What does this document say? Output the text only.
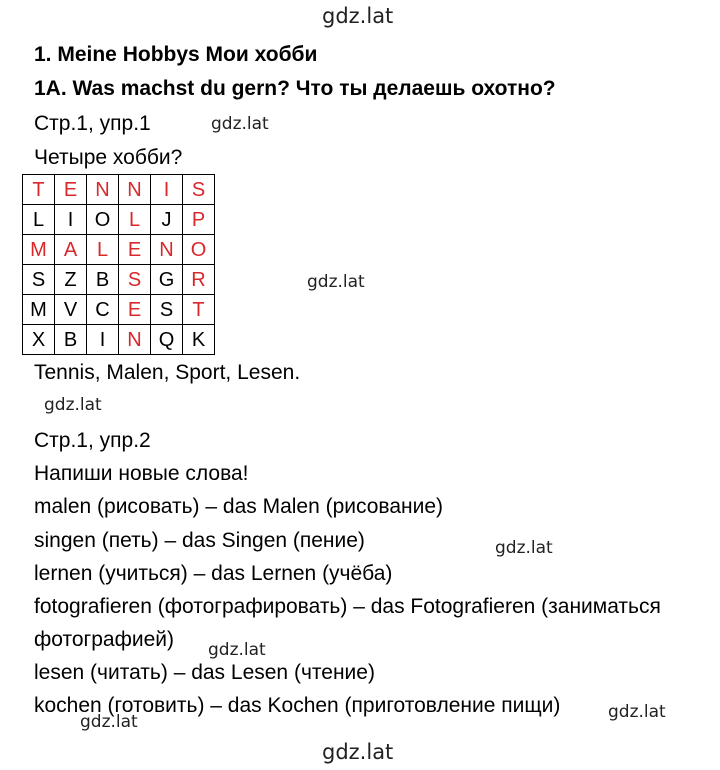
gdz.lat
1. Meine Hobbys Мои хобби
1А. Was machst du gern? Что ты делаешь охотно?
Стр.1, упр.1	gdz.lat
Четыре хобби?
T	E	N	N	I	S
L	I	O	L	J	P
M	A	L	E	N	O
S	Z	B	S	G	R
M	V	C	E	S	T
X	B	I	N	Q	K
gdz.lat
Tennis, Malen, Sport, Lesen.
gdz.lat
Стр.1, упр.2
Напиши новые слова!
malen (рисовать) – das Malen (рисование)
singen (петь) – das Singen (пение)	gdz.lat
lernen (учиться) – das Lernen (учёба)
fotografieren (фотографировать) – das Fotografieren (заниматься
фотографией) gdz.lat
lesen (читать) – das Lesen (чтение)
kochen (готовить) – das Kochen (приготовление пищи)
gdz.lat	gdz.lat
gdz.lat
